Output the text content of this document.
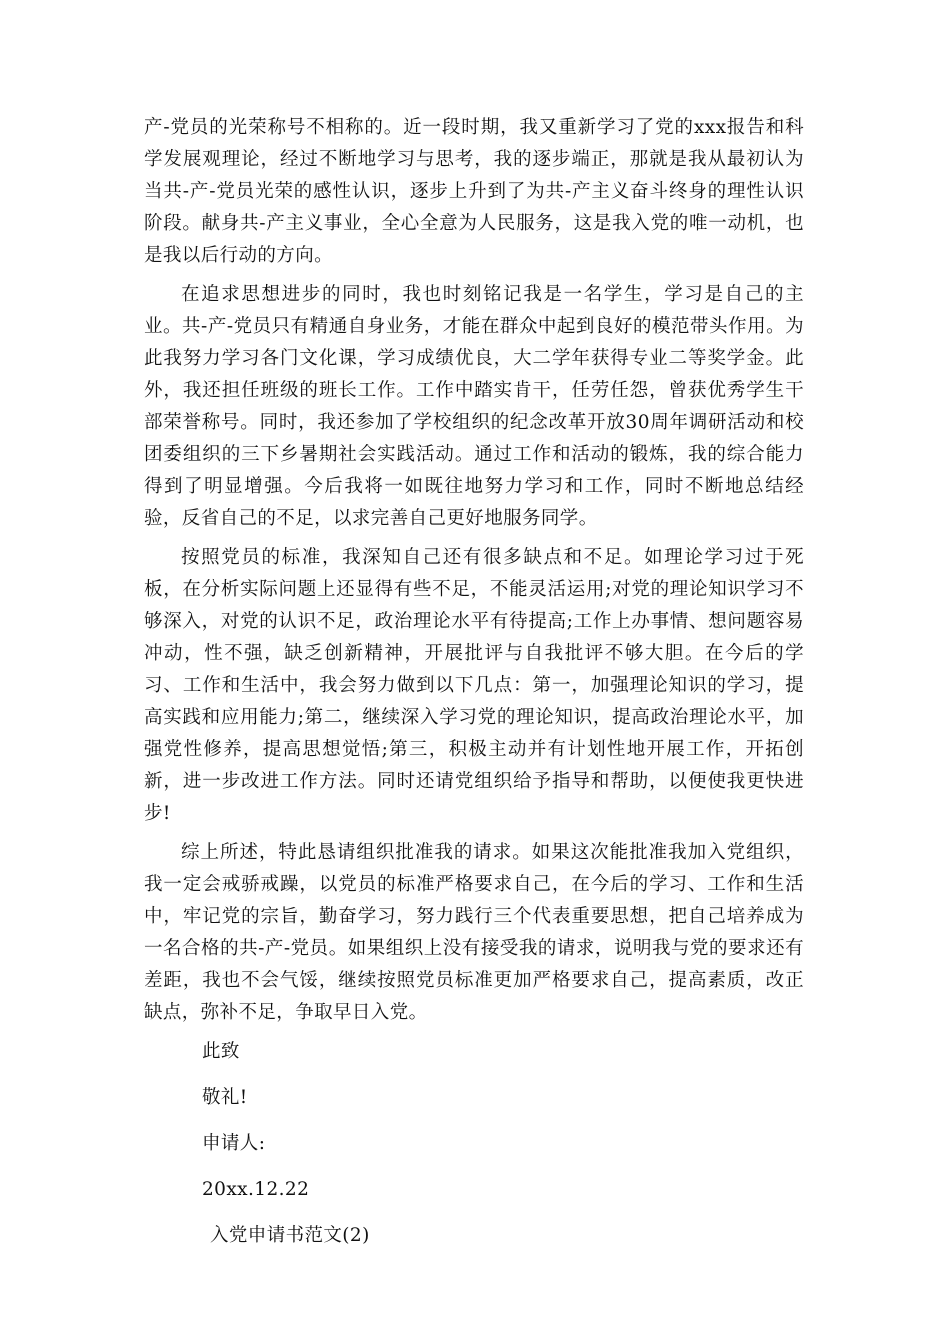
产-党员的光荣称号不相称的。近一段时期，我又重新学习了党的xxx报告和科学发展观理论，经过不断地学习与思考，我的逐步端正，那就是我从最初认为当共-产-党员光荣的感性认识，逐步上升到了为共-产主义奋斗终身的理性认识阶段。献身共-产主义事业，全心全意为人民服务，这是我入党的唯一动机，也是我以后行动的方向。

在追求思想进步的同时，我也时刻铭记我是一名学生，学习是自己的主业。共-产-党员只有精通自身业务，才能在群众中起到良好的模范带头作用。为此我努力学习各门文化课，学习成绩优良，大二学年获得专业二等奖学金。此外，我还担任班级的班长工作。工作中踏实肯干，任劳任怨，曾获优秀学生干部荣誉称号。同时，我还参加了学校组织的纪念改革开放30周年调研活动和校团委组织的三下乡暑期社会实践活动。通过工作和活动的锻炼，我的综合能力得到了明显增强。今后我将一如既往地努力学习和工作，同时不断地总结经验，反省自己的不足，以求完善自己更好地服务同学。

按照党员的标准，我深知自己还有很多缺点和不足。如理论学习过于死板，在分析实际问题上还显得有些不足，不能灵活运用;对党的理论知识学习不够深入，对党的认识不足，政治理论水平有待提高;工作上办事情、想问题容易冲动，性不强，缺乏创新精神，开展批评与自我批评不够大胆。在今后的学习、工作和生活中，我会努力做到以下几点：第一，加强理论知识的学习，提高实践和应用能力;第二，继续深入学习党的理论知识，提高政治理论水平，加强党性修养，提高思想觉悟;第三，积极主动并有计划性地开展工作，开拓创新，进一步改进工作方法。同时还请党组织给予指导和帮助，以便使我更快进步!

综上所述，特此恳请组织批准我的请求。如果这次能批准我加入党组织，我一定会戒骄戒躁，以党员的标准严格要求自己，在今后的学习、工作和生活中，牢记党的宗旨，勤奋学习，努力践行三个代表重要思想，把自己培养成为一名合格的共-产-党员。如果组织上没有接受我的请求，说明我与党的要求还有差距，我也不会气馁，继续按照党员标准更加严格要求自己，提高素质，改正缺点，弥补不足，争取早日入党。

此致

敬礼!

申请人:

20xx.12.22

入党申请书范文(2)
